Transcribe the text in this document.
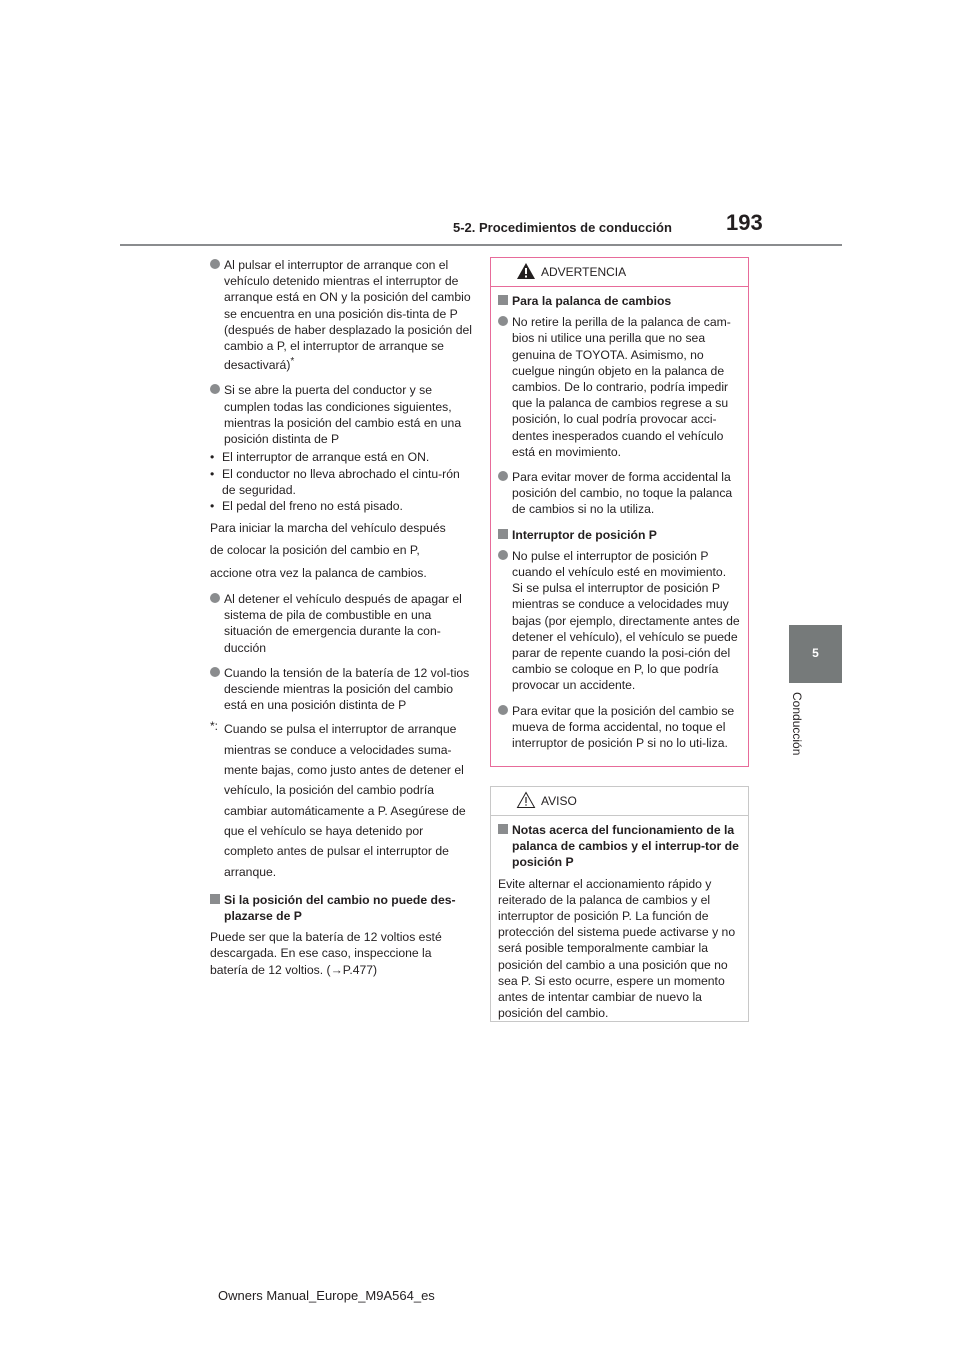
5-2. Procedimientos de conducción 193
5
Conducción
Al pulsar el interruptor de arranque con el vehículo detenido mientras el interruptor de arranque está en ON y la posición del cambio se encuentra en una posición dis-tinta de P (después de haber desplazado la posición del cambio a P, el interruptor de arranque se desactivará)*
Si se abre la puerta del conductor y se cumplen todas las condiciones siguientes, mientras la posición del cambio está en una posición distinta de P

• El interruptor de arranque está en ON.

• El conductor no lleva abrochado el cintu-rón de seguridad.

• El pedal del freno no está pisado.

Para iniciar la marcha del vehículo después

de colocar la posición del cambio en P,

accione otra vez la palanca de cambios.

Al detener el vehículo después de apagar el sistema de pila de combustible en una situación de emergencia durante la con-ducción
Cuando la tensión de la batería de 12 vol-tios desciende mientras la posición del cambio está en una posición distinta de P
*: Cuando se pulsa el interruptor de arranque mientras se conduce a velocidades suma-mente bajas, como justo antes de detener el vehículo, la posición del cambio podría cambiar automáticamente a P. Asegúrese de que el vehículo se haya detenido por completo antes de pulsar el interruptor de arranque.
Si la posición del cambio no puede des-plazarse de P

Puede ser que la batería de 12 voltios esté descargada. En ese caso, inspeccione la batería de 12 voltios. (→P.477)

ADVERTENCIA
Para la palanca de cambios
No retire la perilla de la palanca de cam-bios ni utilice una perilla que no sea genuina de TOYOTA. Asimismo, no cuelgue ningún objeto en la palanca de cambios. De lo contrario, podría impedir que la palanca de cambios regrese a su posición, lo cual podría provocar acci-dentes inesperados cuando el vehículo está en movimiento.
Para evitar mover de forma accidental la posición del cambio, no toque la palanca de cambios si no la utiliza.
Interruptor de posición P
No pulse el interruptor de posición P cuando el vehículo esté en movimiento. Si se pulsa el interruptor de posición P mientras se conduce a velocidades muy bajas (por ejemplo, directamente antes de detener el vehículo), el vehículo se puede parar de repente cuando la posi-ción del cambio se coloque en P, lo que podría provocar un accidente.
Para evitar que la posición del cambio se mueva de forma accidental, no toque el interruptor de posición P si no lo uti-liza.
AVISO
Notas acerca del funcionamiento de la palanca de cambios y el interrup-tor de posición P

Evite alternar el accionamiento rápido y reiterado de la palanca de cambios y el interruptor de posición P. La función de protección del sistema puede activarse y no será posible temporalmente cambiar la posición del cambio a una posición que no sea P. Si esto ocurre, espere un momento antes de intentar cambiar de nuevo la posición del cambio.

Owners Manual_Europe_M9A564_es
